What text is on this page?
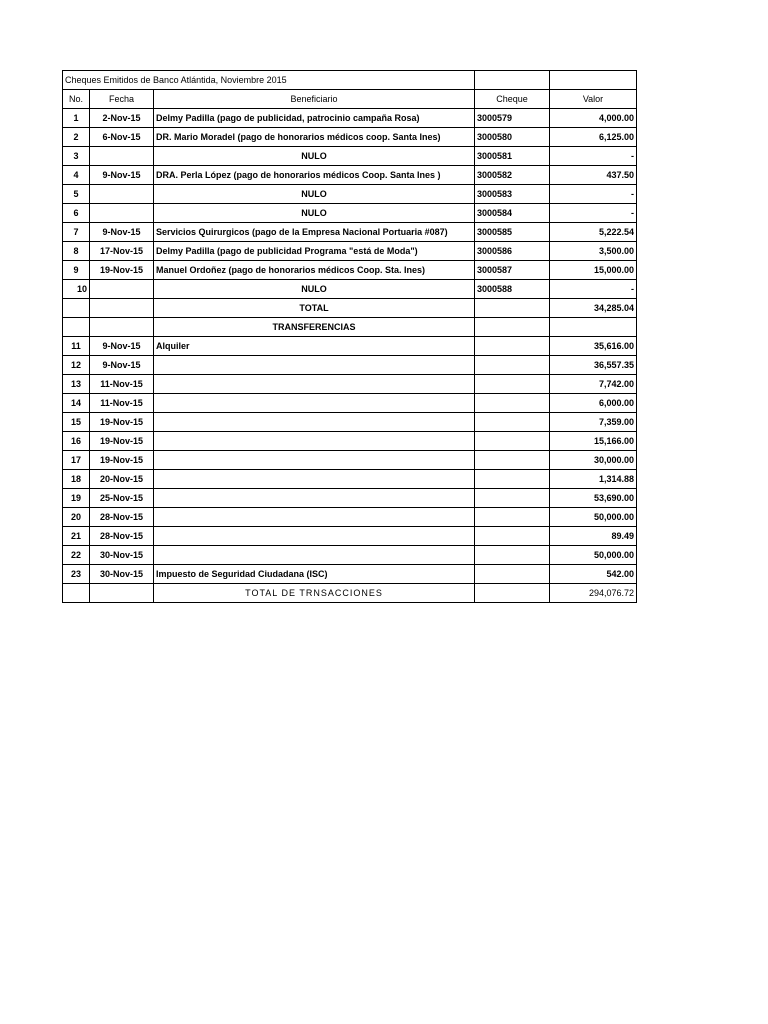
Cheques Emitidos de Banco Atlántida, Noviembre 2015				
No.	Fecha	Beneficiario	Cheque	Valor
1	2-Nov-15	Delmy Padilla (pago de publicidad, patrocinio campaña Rosa)	3000579	4,000.00
2	6-Nov-15	DR. Mario Moradel (pago de honorarios médicos coop. Santa Ines)	3000580	6,125.00
3		NULO	3000581	-
4	9-Nov-15	DRA. Perla López (pago de honorarios médicos Coop. Santa Ines )	3000582	437.50
5		NULO	3000583	-
6		NULO	3000584	-
7	9-Nov-15	Servicios Quirurgicos (pago de la Empresa Nacional Portuaria #087)	3000585	5,222.54
8	17-Nov-15	Delmy Padilla (pago de publicidad Programa "está de Moda")	3000586	3,500.00
9	19-Nov-15	Manuel Ordoñez (pago de honorarios médicos Coop. Sta. Ines)	3000587	15,000.00
10		NULO	3000588	-
		TOTAL		34,285.04
		TRANSFERENCIAS		
11	9-Nov-15	Alquiler		35,616.00
12	9-Nov-15			36,557.35
13	11-Nov-15			7,742.00
14	11-Nov-15			6,000.00
15	19-Nov-15			7,359.00
16	19-Nov-15			15,166.00
17	19-Nov-15			30,000.00
18	20-Nov-15			1,314.88
19	25-Nov-15			53,690.00
20	28-Nov-15			50,000.00
21	28-Nov-15			89.49
22	30-Nov-15			50,000.00
23	30-Nov-15	Impuesto de Seguridad Ciudadana (ISC)		542.00
		TOTAL DE TRNSACCIONES		294,076.72
